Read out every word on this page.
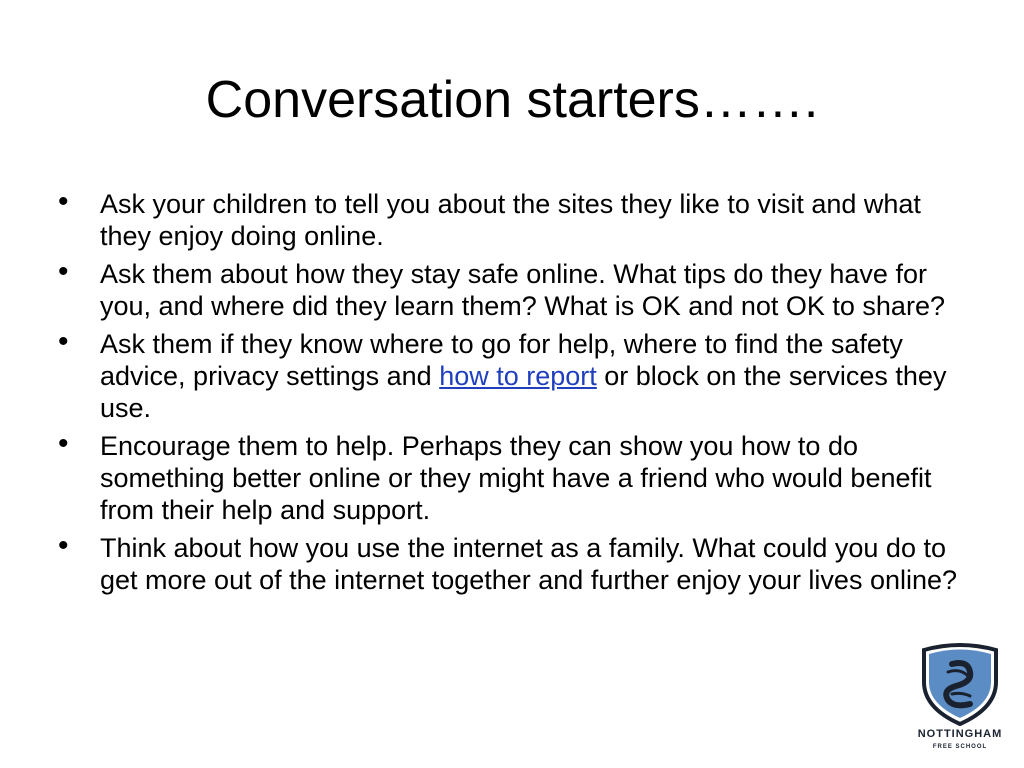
Conversation starters…….
•	Ask your children to tell you about the sites they like to visit and what they enjoy doing online.
•	Ask them about how they stay safe online. What tips do they have for you, and where did they learn them? What is OK and not OK to share?
•	Ask them if they know where to go for help, where to find the safety advice, privacy settings and how to report or block on the services they use.
•	Encourage them to help. Perhaps they can show you how to do something better online or they might have a friend who would benefit from their help and support.
•	Think about how you use the internet as a family. What could you do to get more out of the internet together and further enjoy your lives online?
NOTTINGHAM
FREE SCHOOL
